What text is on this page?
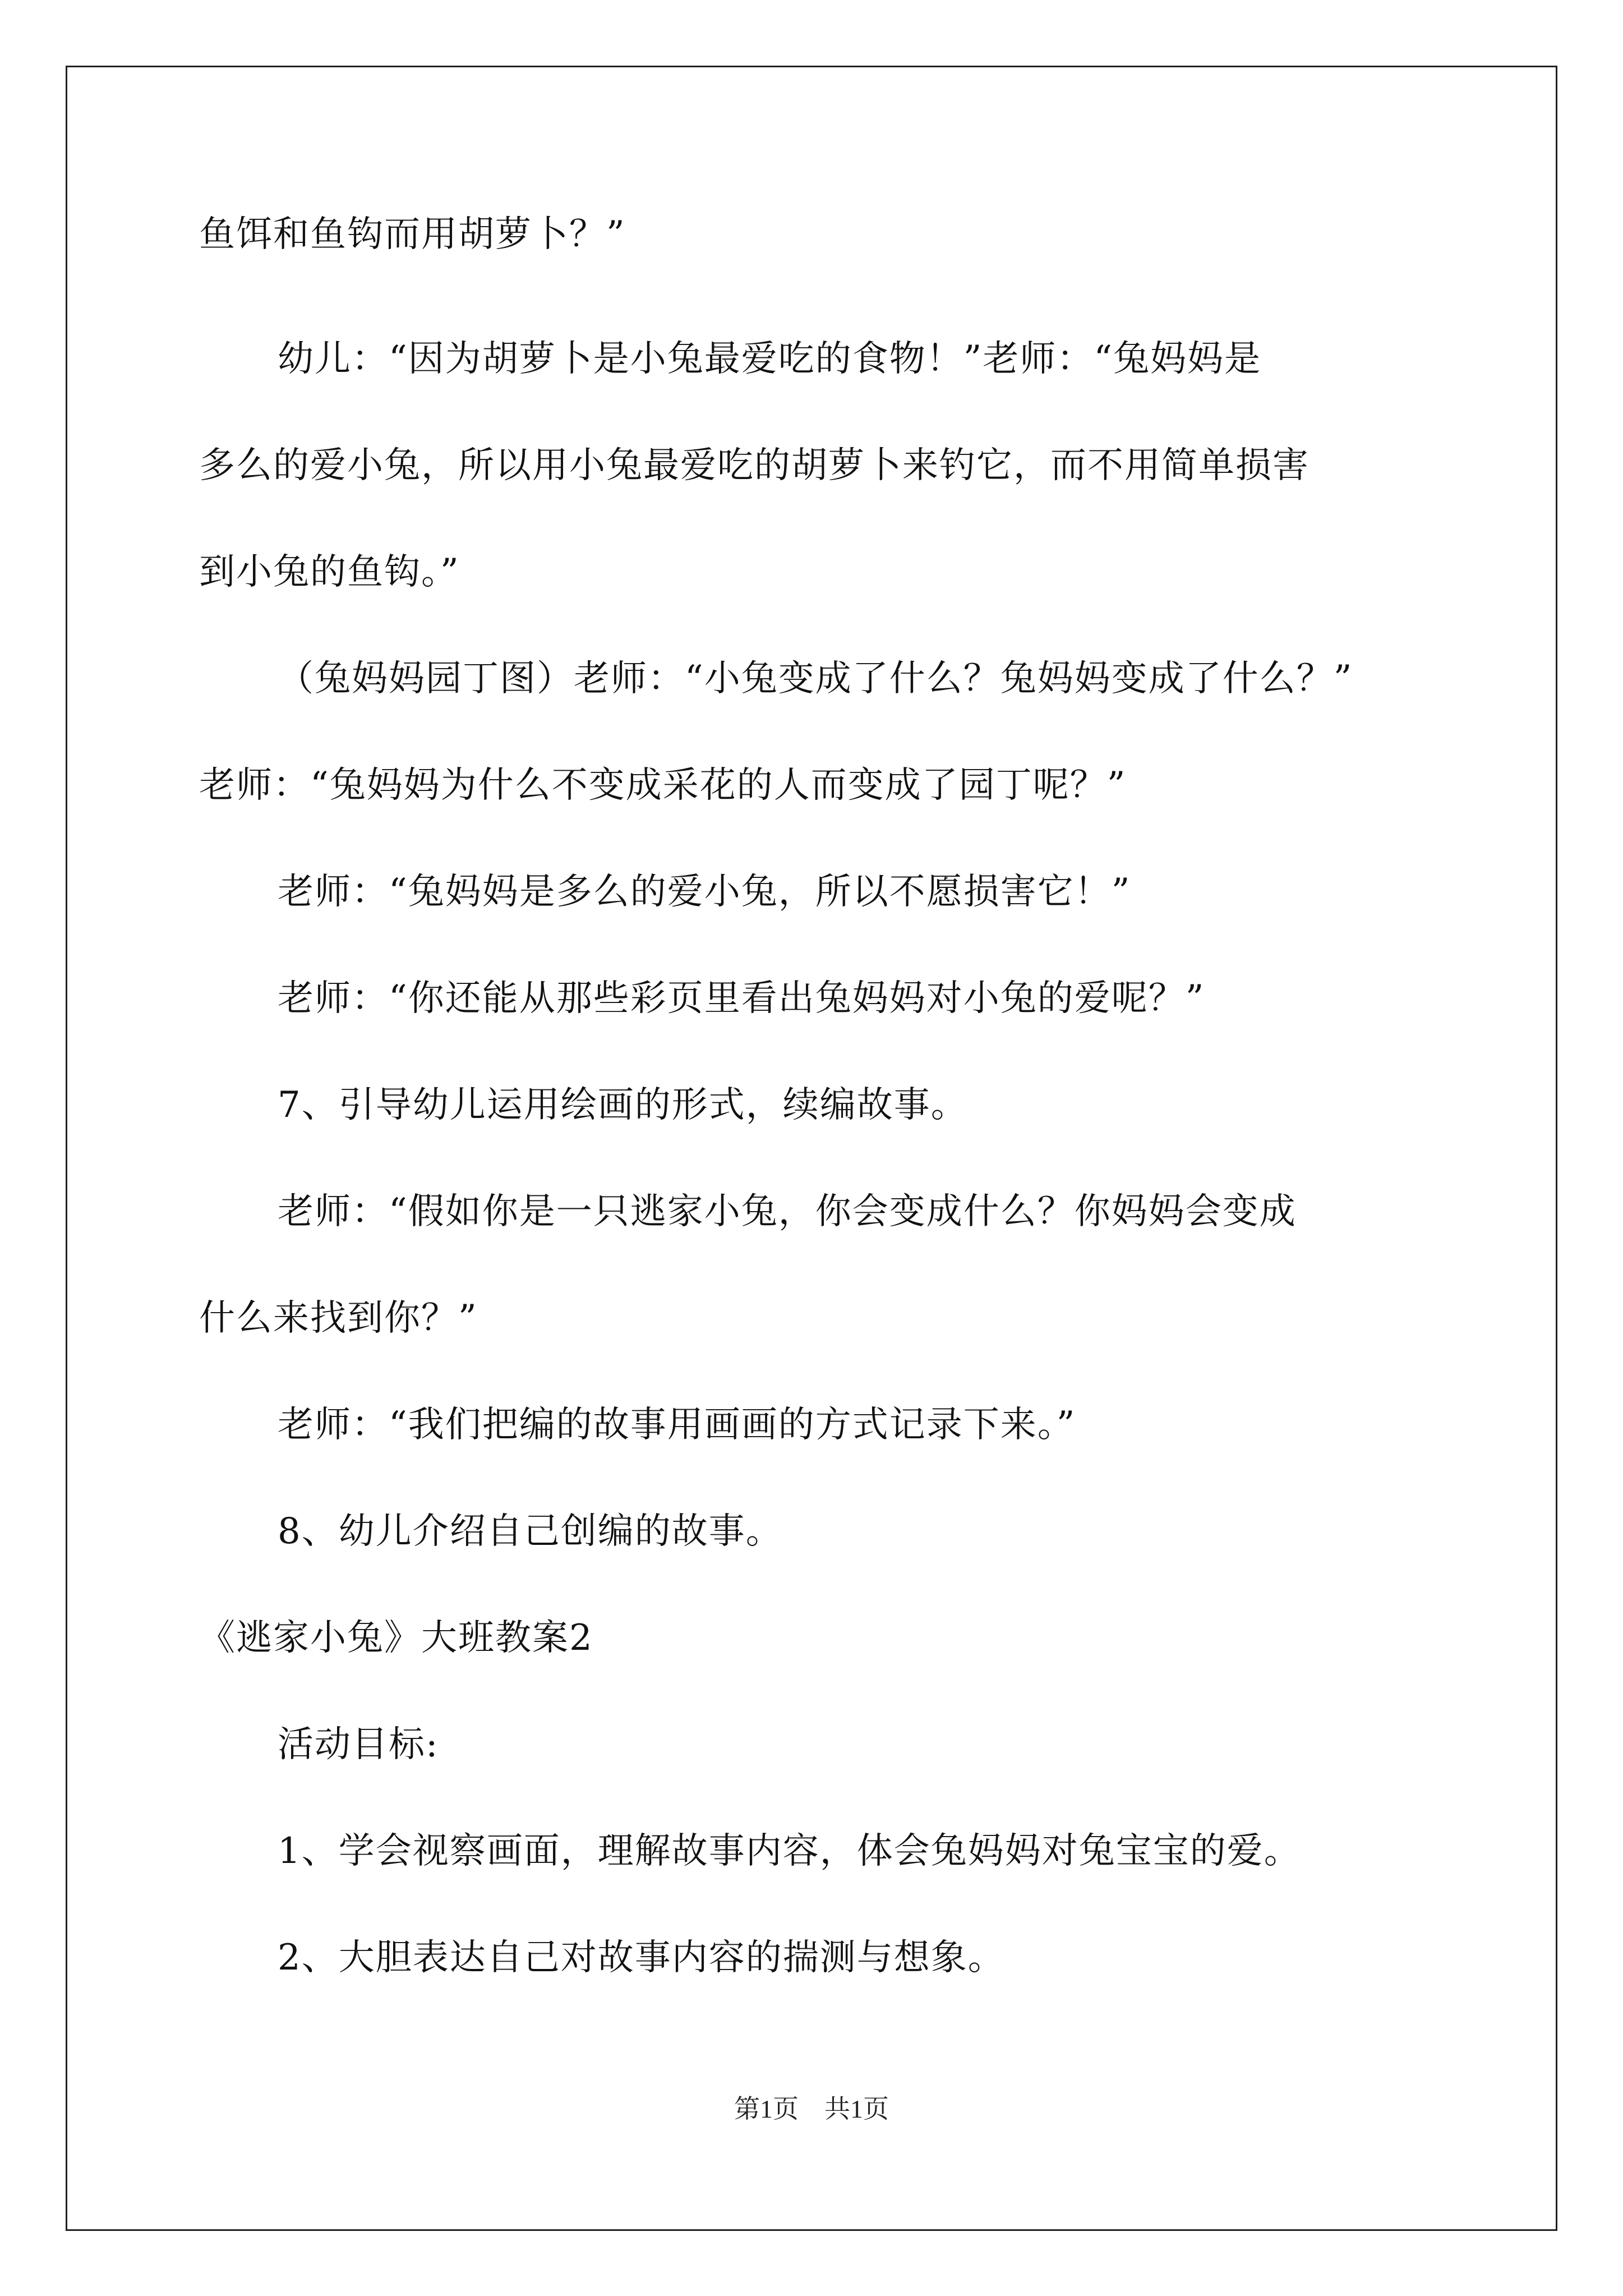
鱼饵和鱼钩而用胡萝卜？”
幼儿：“因为胡萝卜是小兔最爱吃的食物！”老师：“兔妈妈是
多么的爱小兔，所以用小兔最爱吃的胡萝卜来钓它，而不用简单损害
到小兔的鱼钩。”
（兔妈妈园丁图）老师：“小兔变成了什么？兔妈妈变成了什么？”
老师：“兔妈妈为什么不变成采花的人而变成了园丁呢？”
老师：“兔妈妈是多么的爱小兔，所以不愿损害它！”
老师：“你还能从那些彩页里看出兔妈妈对小兔的爱呢？”
7、引导幼儿运用绘画的形式，续编故事。
老师：“假如你是一只逃家小兔，你会变成什么？你妈妈会变成
什么来找到你？”
老师：“我们把编的故事用画画的方式记录下来。”
8、幼儿介绍自己创编的故事。
《逃家小兔》大班教案2
活动目标:
1、学会视察画面，理解故事内容，体会兔妈妈对兔宝宝的爱。
2、大胆表达自己对故事内容的揣测与想象。
第1页　共1页
